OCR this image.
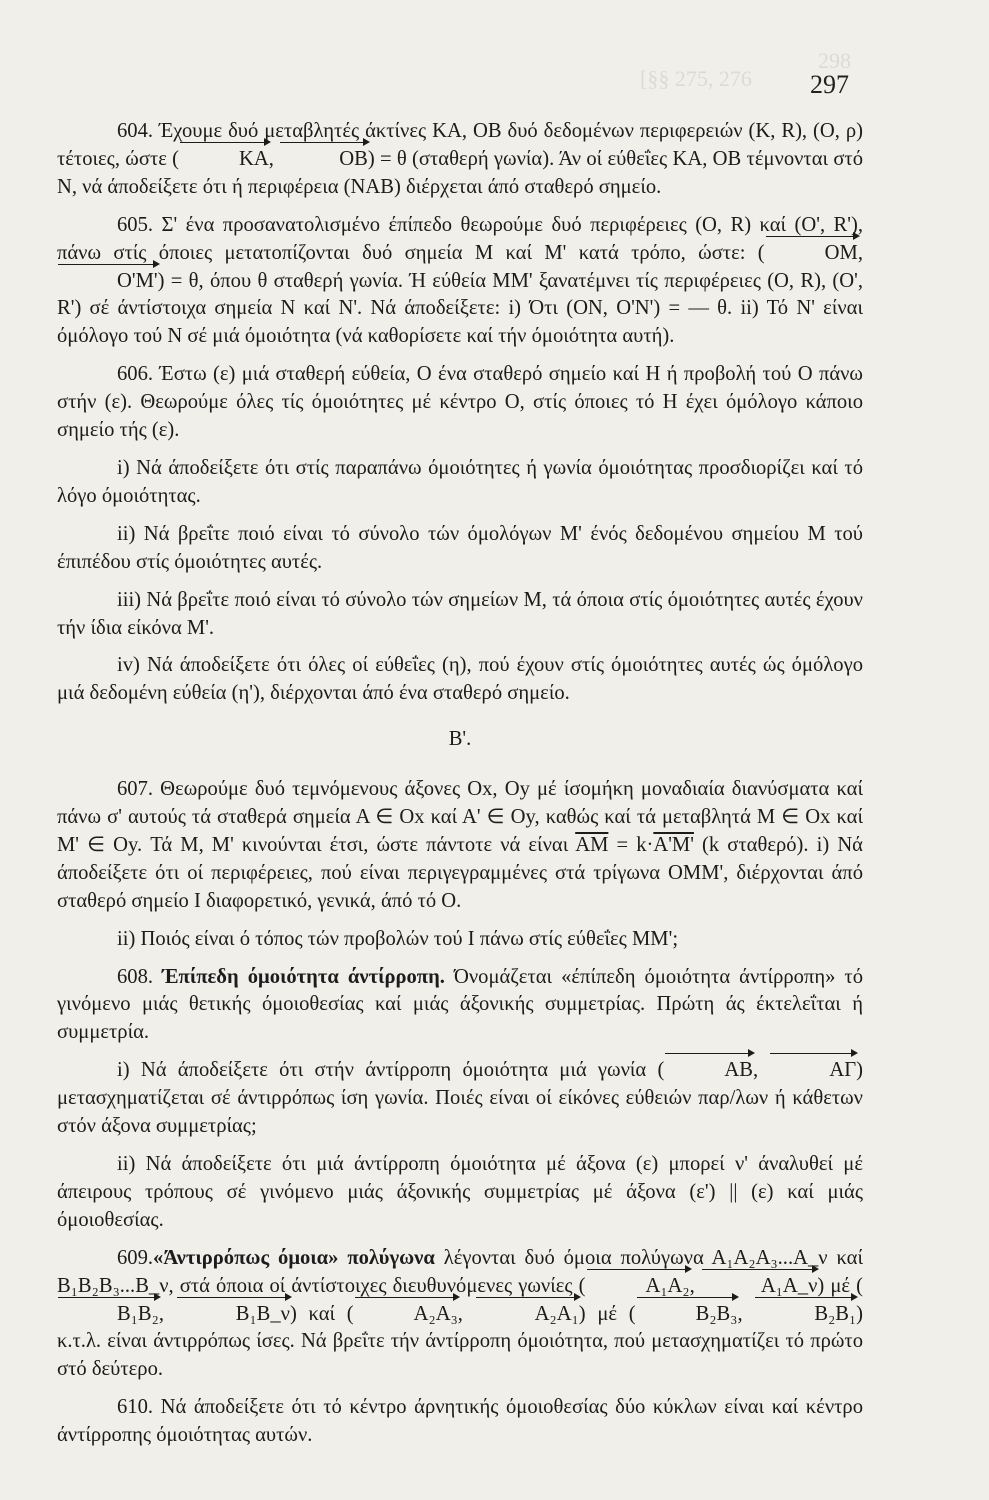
298
[§§ 275, 276 297

604. Έχουμε δυό μεταβλητές άκτίνες KA, ΟΒ δυό δεδομένων περιφερειών (Κ, R), (Ο, ρ) τέτοιες, ώστε (	KA,	OB) = θ (σταθερή γωνία). Άν οί εύθεΐες KA, ΟΒ τέμνονται στό Ν, νά άποδείξετε ότι ή περιφέρεια (NAB) διέρχεται άπό σταθερό σημείο.

605. Σ' ένα προσανατολισμένο έπίπεδο θεωρούμε δυό περιφέρειες (Ο, R) καί (Ο', R'), πάνω στίς όποιες μετατοπίζονται δυό σημεία Μ καί Μ' κατά τρόπο, ώστε: (	ΟΜ, Ο'Μ') = θ, όπου θ σταθερή γωνία. Ή εύθεία ΜΜ' ξανατέμνει τίς περιφέρειες (Ο, R), (Ο', R') σέ άντίστοιχα σημεία Ν καί Ν'. Νά άποδείξετε: i) Ότι (ΟΝ, Ο'Ν') = — θ. ii) Τό Ν' είναι όμόλογο τού Ν σέ μιά όμοιότητα (νά καθορίσετε καί τήν όμοιότητα αυτή).

606. Έστω (ε) μιά σταθερή εύθεία, Ο ένα σταθερό σημείο καί Η ή προβολή τού Ο πάνω στήν (ε). Θεωρούμε όλες τίς όμοιότητες μέ κέντρο Ο, στίς όποιες τό Η έχει όμόλογο κάποιο σημείο τής (ε).

i) Νά άποδείξετε ότι στίς παραπάνω όμοιότητες ή γωνία όμοιότητας προσδιορίζει καί τό λόγο όμοιότητας.

ii) Νά βρεΐτε ποιό είναι τό σύνολο τών όμολόγων Μ' ένός δεδομένου σημείου Μ τού έπιπέδου στίς όμοιότητες αυτές.

iii) Νά βρεΐτε ποιό είναι τό σύνολο τών σημείων Μ, τά όποια στίς όμοιότητες αυτές έχουν τήν ίδια είκόνα Μ'.

iv) Νά άποδείξετε ότι όλες οί εύθεΐες (η), πού έχουν στίς όμοιότητες αυτές ώς όμόλογο μιά δεδομένη εύθεία (η'), διέρχονται άπό ένα σταθερό σημείο.

Β'.

607. Θεωρούμε δυό τεμνόμενους άξονες Οx, Οy μέ ίσομήκη μοναδιαία διανύσματα καί πάνω σ' αυτούς τά σταθερά σημεία Α ∈ Οx καί Α' ∈ Οy, καθώς καί τά μεταβλητά Μ ∈ Οx καί Μ' ∈ Οy. Τά Μ, Μ' κινούνται έτσι, ώστε πάντοτε νά είναι $\overline{AM} = k\cdot A'M'$ (k σταθερό). i) Νά άποδείξετε ότι οί περιφέρειες, πού είναι περιγεγραμμένες στά τρίγωνα ΟΜΜ', διέρχονται άπό σταθερό σημείο Ι διαφορετικό, γενικά, άπό τό Ο.

ii) Ποιός είναι ό τόπος τών προβολών τού Ι πάνω στίς εύθεΐες ΜΜ';

608. Έπίπεδη όμοιότητα άντίρροπη. Όνομάζεται «έπίπεδη όμοιότητα άντίρροπη» τό γινόμενο μιάς θετικής όμοιοθεσίας καί μιάς άξονικής συμμετρίας. Πρώτη άς έκτελεΐται ή συμμετρία.

i) Νά άποδείξετε ότι στήν άντίρροπη όμοιότητα μιά γωνία (	ΑΒ,	ΑΓ) μετασχηματίζεται σέ άντιρρόπως ίση γωνία. Ποιές είναι οί είκόνες εύθειών παρ/λων ή κάθετων στόν άξονα συμμετρίας;

ii) Νά άποδείξετε ότι μιά άντίρροπη όμοιότητα μέ άξονα (ε) μπορεί ν' άναλυθεί μέ άπειρους τρόπους σέ γινόμενο μιάς άξονικής συμμετρίας μέ άξονα (ε') || (ε) καί μιάς όμοιοθεσίας.

609.«Άντιρρόπως όμοια» πολύγωνα λέγονται δυό όμοια πολύγωνα Α₁Α₂Α₃...Α_ν καί Β₁Β₂Β₃...Β_ν, στά όποια οί άντίστοιχες διευθυνόμενες γωνίες (	Α₁Α₂,	Α₁Α_ν) μέ (Β₁Β₂,	Β₁Β_ν) καί (	Α₂Α₃,	Α₂Α₁) μέ (	Β₂Β₃,	Β₂Β₁) κ.τ.λ. είναι άντιρρόπως ίσες. Νά βρεΐτε τήν άντίρροπη όμοιότητα, πού μετασχηματίζει τό πρώτο στό δεύτερο.

610. Νά άποδείξετε ότι τό κέντρο άρνητικής όμοιοθεσίας δύο κύκλων είναι καί κέντρο άντίρροπης όμοιότητας αυτών.
